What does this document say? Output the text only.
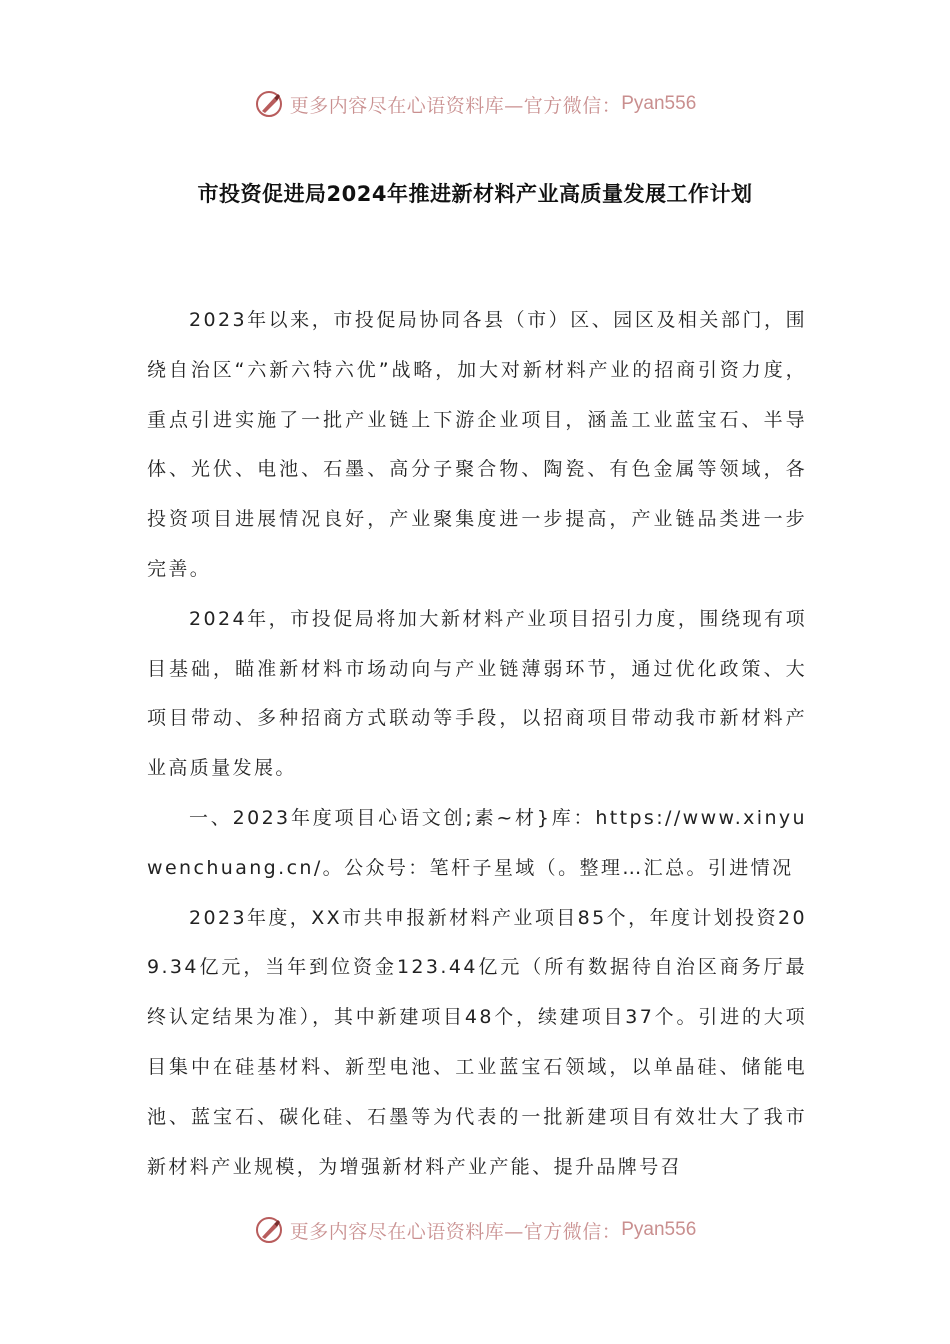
更多内容尽在心语资料库—官方微信： Pyan556
市投资促进局2024年推进新材料产业高质量发展工作计划

2023年以来，市投促局协同各县（市）区、园区及相关部门，围绕自治区“六新六特六优”战略，加大对新材料产业的招商引资力度，重点引进实施了一批产业链上下游企业项目，涵盖工业蓝宝石、半导体、光伏、电池、石墨、高分子聚合物、陶瓷、有色金属等领域，各投资项目进展情况良好，产业聚集度进一步提高，产业链品类进一步完善。

2024年，市投促局将加大新材料产业项目招引力度，围绕现有项目基础，瞄准新材料市场动向与产业链薄弱环节，通过优化政策、大项目带动、多种招商方式联动等手段，以招商项目带动我市新材料产业高质量发展。

一、2023年度项目心语文创;素~材}库：https://www.xinyuwenchuang.cn/。公众号：笔杆子星域（。整理…汇总。引进情况

2023年度，XX市共申报新材料产业项目85个，年度计划投资209.34亿元，当年到位资金123.44亿元（所有数据待自治区商务厅最终认定结果为准），其中新建项目48个，续建项目37个。引进的大项目集中在硅基材料、新型电池、工业蓝宝石领域，以单晶硅、储能电池、蓝宝石、碳化硅、石墨等为代表的一批新建项目有效壮大了我市新材料产业规模，为增强新材料产业产能、提升品牌号召

更多内容尽在心语资料库—官方微信： Pyan556
